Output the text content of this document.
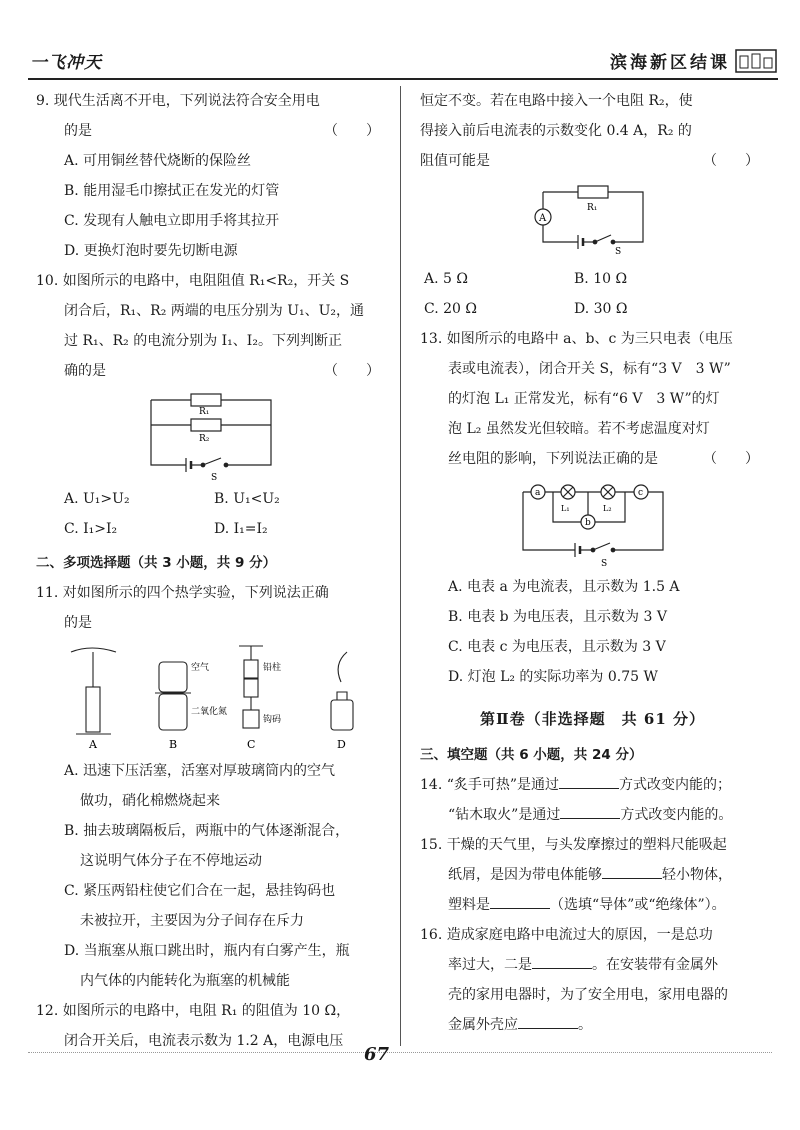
一飞冲天	滨海新区结课

9. 现代生活离不开电，下列说法符合安全用电

的是	（　　）

A. 可用铜丝替代烧断的保险丝

B. 能用湿毛巾擦拭正在发光的灯管

C. 发现有人触电立即用手将其拉开

D. 更换灯泡时要先切断电源

10. 如图所示的电路中，电阻阻值 R₁<R₂，开关 S

闭合后，R₁、R₂ 两端的电压分别为 U₁、U₂，通

过 R₁、R₂ 的电流分别为 I₁、I₂。下列判断正

确的是	（　　）

R₁
R₂
S
A. U₁>U₂	B. U₁<U₂
C. I₁>I₂	D. I₁=I₂

二、多项选择题（共 3 小题，共 9 分）

11. 对如图所示的四个热学实验，下列说法正确

的是

空气
二氧化氮
铅柱
钩码
A	B	C	D

A. 迅速下压活塞，活塞对厚玻璃筒内的空气

做功，硝化棉燃烧起来

B. 抽去玻璃隔板后，两瓶中的气体逐渐混合，

这说明气体分子在不停地运动

C. 紧压两铅柱使它们合在一起，悬挂钩码也

未被拉开，主要因为分子间存在斥力

D. 当瓶塞从瓶口跳出时，瓶内有白雾产生，瓶

内气体的内能转化为瓶塞的机械能

12. 如图所示的电路中，电阻 R₁ 的阻值为 10 Ω，

闭合开关后，电流表示数为 1.2 A，电源电压

恒定不变。若在电路中接入一个电阻 R₂，使

得接入前后电流表的示数变化 0.4 A，R₂ 的

阻值可能是	（　　）

R₁
A
S
A. 5 Ω	B. 10 Ω
C. 20 Ω	D. 30 Ω

13. 如图所示的电路中 a、b、c 为三只电表（电压

表或电流表），闭合开关 S，标有“3 V　3 W”

的灯泡 L₁ 正常发光，标有“6 V　3 W”的灯

泡 L₂ 虽然发光但较暗。若不考虑温度对灯

丝电阻的影响，下列说法正确的是	（　　）

a
b
c
L₁	L₂
S

A. 电表 a 为电流表，且示数为 1.5 A

B. 电表 b 为电压表，且示数为 3 V

C. 电表 c 为电压表，且示数为 3 V

D. 灯泡 L₂ 的实际功率为 0.75 W

第Ⅱ卷（非选择题　共 61 分）

三、填空题（共 6 小题，共 24 分）

14. “炙手可热”是通过	方式改变内能的；

“钻木取火”是通过	方式改变内能的。

15. 干燥的天气里，与头发摩擦过的塑料尺能吸起

纸屑，是因为带电体能够	轻小物体，

塑料是	（选填“导体”或“绝缘体”）。

16. 造成家庭电路中电流过大的原因，一是总功

率过大，二是	。在安装带有金属外

壳的家用电器时，为了安全用电，家用电器的

金属外壳应	。

67
